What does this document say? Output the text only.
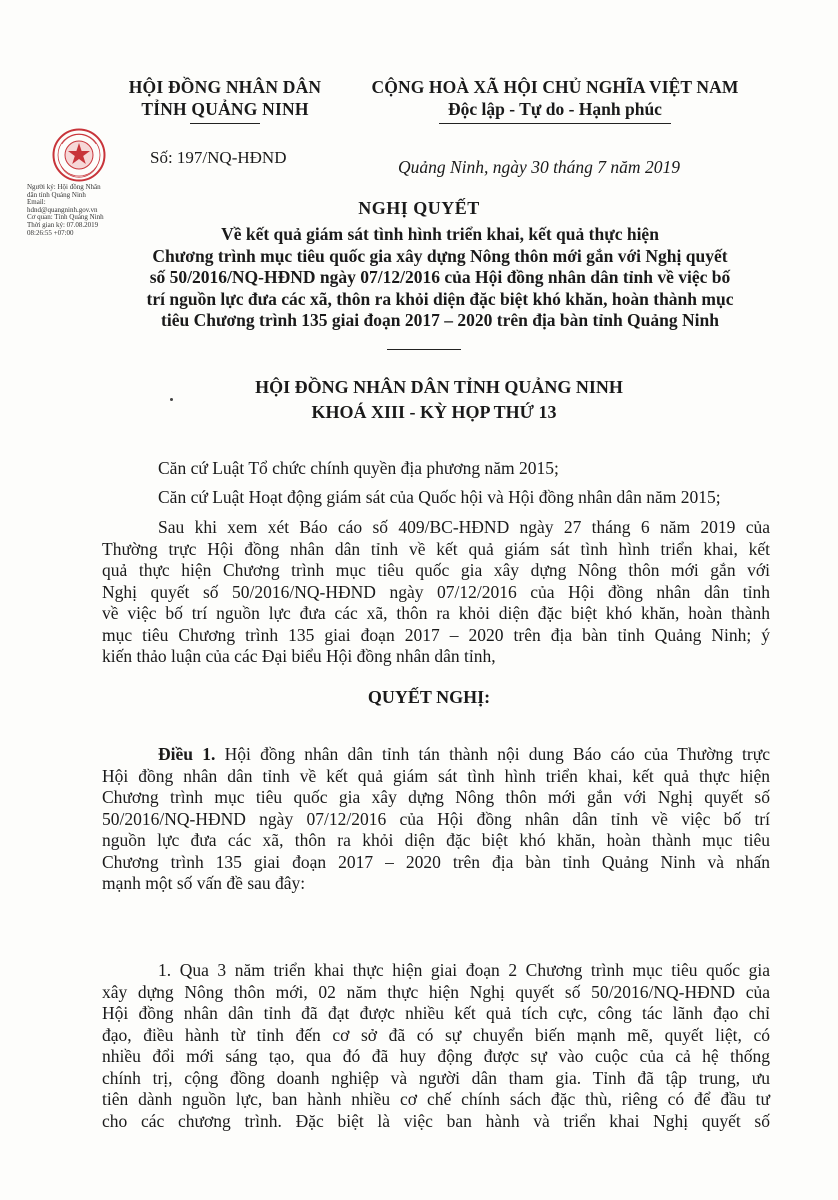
HỘI ĐỒNG NHÂN DÂN
TỈNH QUẢNG NINH
CỘNG HOÀ XÃ HỘI CHỦ NGHĨA VIỆT NAM
Độc lập - Tự do - Hạnh phúc
Người ký: Hội đồng Nhân
dân tỉnh Quảng Ninh
Email:
hdnd@quangninh.gov.vn
Cơ quan: Tỉnh Quảng Ninh
Thời gian ký: 07.08.2019
08:26:55 +07:00
Số: 197/NQ-HĐND	Quảng Ninh, ngày 30 tháng 7 năm 2019
NGHỊ QUYẾT
Về kết quả giám sát tình hình triển khai, kết quả thực hiện
Chương trình mục tiêu quốc gia xây dựng Nông thôn mới gắn với Nghị quyết
số 50/2016/NQ-HĐND ngày 07/12/2016 của Hội đồng nhân dân tỉnh về việc bố
trí nguồn lực đưa các xã, thôn ra khỏi diện đặc biệt khó khăn, hoàn thành mục
tiêu Chương trình 135 giai đoạn 2017 – 2020 trên địa bàn tỉnh Quảng Ninh
HỘI ĐỒNG NHÂN DÂN TỈNH QUẢNG NINH
KHOÁ XIII - KỲ HỌP THỨ 13
Căn cứ Luật Tổ chức chính quyền địa phương năm 2015;
Căn cứ Luật Hoạt động giám sát của Quốc hội và Hội đồng nhân dân năm 2015;
Sau khi xem xét Báo cáo số 409/BC-HĐND ngày 27 tháng 6 năm 2019 của
Thường trực Hội đồng nhân dân tỉnh về kết quả giám sát tình hình triển khai, kết
quả thực hiện Chương trình mục tiêu quốc gia xây dựng Nông thôn mới gắn với
Nghị quyết số 50/2016/NQ-HĐND ngày 07/12/2016 của Hội đồng nhân dân tỉnh
về việc bố trí nguồn lực đưa các xã, thôn ra khỏi diện đặc biệt khó khăn, hoàn thành
mục tiêu Chương trình 135 giai đoạn 2017 – 2020 trên địa bàn tỉnh Quảng Ninh; ý
kiến thảo luận của các Đại biểu Hội đồng nhân dân tỉnh,
QUYẾT NGHỊ:
Điều 1. Hội đồng nhân dân tỉnh tán thành nội dung Báo cáo của Thường trực
Hội đồng nhân dân tỉnh về kết quả giám sát tình hình triển khai, kết quả thực hiện
Chương trình mục tiêu quốc gia xây dựng Nông thôn mới gắn với Nghị quyết số
50/2016/NQ-HĐND ngày 07/12/2016 của Hội đồng nhân dân tỉnh về việc bố trí
nguồn lực đưa các xã, thôn ra khỏi diện đặc biệt khó khăn, hoàn thành mục tiêu
Chương trình 135 giai đoạn 2017 – 2020 trên địa bàn tỉnh Quảng Ninh và nhấn
mạnh một số vấn đề sau đây:
1. Qua 3 năm triển khai thực hiện giai đoạn 2 Chương trình mục tiêu quốc gia
xây dựng Nông thôn mới, 02 năm thực hiện Nghị quyết số 50/2016/NQ-HĐND của
Hội đồng nhân dân tỉnh đã đạt được nhiều kết quả tích cực, công tác lãnh đạo chỉ
đạo, điều hành từ tỉnh đến cơ sở đã có sự chuyển biến mạnh mẽ, quyết liệt, có
nhiều đổi mới sáng tạo, qua đó đã huy động được sự vào cuộc của cả hệ thống
chính trị, cộng đồng doanh nghiệp và người dân tham gia. Tỉnh đã tập trung, ưu
tiên dành nguồn lực, ban hành nhiều cơ chế chính sách đặc thù, riêng có để đầu tư
cho các chương trình. Đặc biệt là việc ban hành và triển khai Nghị quyết số
